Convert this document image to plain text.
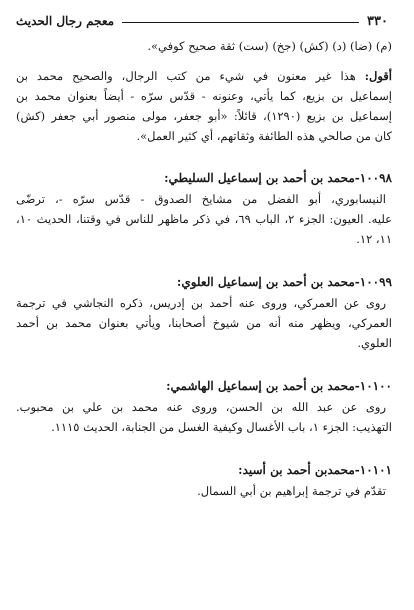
٣٣٠
معجم رجال الحديث
(م) (ضا) (د) (كش) (جخ) (ست) ثقة صحيح كوفي».
أقول: هذا غير معنون في شيء من كتب الرجال، والصحيح محمد بن
إسماعيل بن بزيع، كما يأتي، وعنونه - قدّس سرّه - أيضاً بعنوان محمد بن
إسماعيل بن بزيع (١٢٩٠)، قائلاً: «أبو جعفر، مولى منصور أبي جعفر (كش)
كان من صالحي هذه الطائفة وثقاتهم، أي كثير العمل».
١٠٠٩٨-محمد بن أحمد بن إسماعيل السليطي:
النيسابوري، أبو الفضل من مشايخ الصدوق - قدّس سرّه -، ترضّى
عليه. العيون: الجزء ٢، الباب ٦٩، في ذكر ماظهر للناس في وقتنا، الحديث ١٠،
١١، ١٢.
١٠٠٩٩-محمد بن أحمد بن إسماعيل العلوي:
روى عن العمركي، وروى عنه أحمد بن إدريس، ذكره النجاشي في ترجمة
العمركي، ويظهر منه أنه من شيوخ أصحابنا، ويأتي بعنوان محمد بن أحمد
العلوي.
١٠١٠٠-محمد بن أحمد بن إسماعيل الهاشمي:
روى عن عبد الله بن الحسن، وروى عنه محمد بن علي بن محبوب.
التهذيب: الجزء ١، باب الأغسال وكيفية الغسل من الجنابة، الحديث ١١١٥.
١٠١٠١-محمدبن أحمد بن أسيد:
تقدّم في ترجمة إبراهيم بن أبي السمال.
